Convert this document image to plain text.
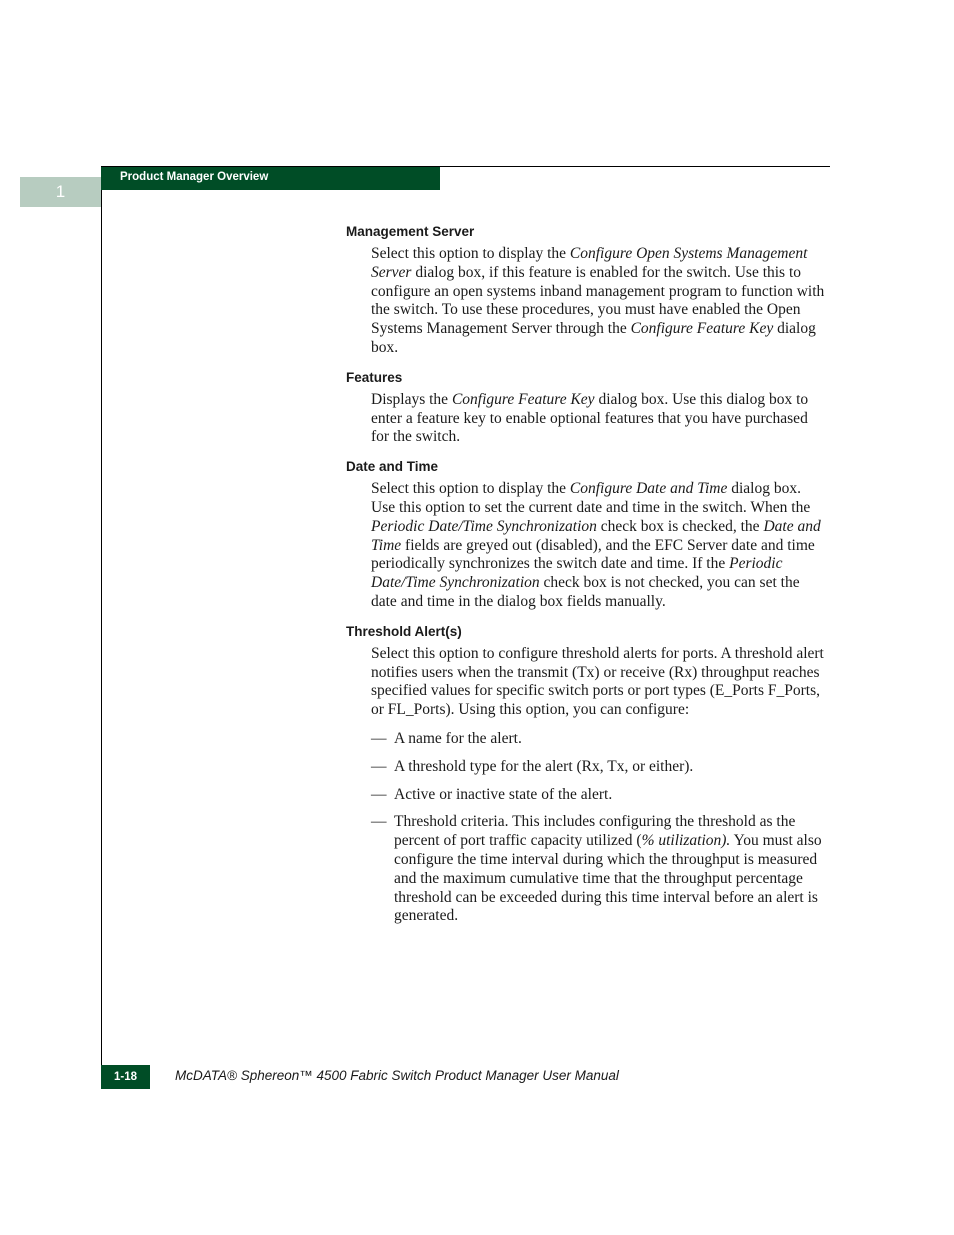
1
Product Manager Overview
Management Server
Select this option to display the Configure Open Systems Management Server dialog box, if this feature is enabled for the switch. Use this to configure an open systems inband management program to function with the switch. To use these procedures, you must have enabled the Open Systems Management Server through the Configure Feature Key dialog box.
Features
Displays the Configure Feature Key dialog box. Use this dialog box to enter a feature key to enable optional features that you have purchased for the switch.
Date and Time
Select this option to display the Configure Date and Time dialog box. Use this option to set the current date and time in the switch. When the Periodic Date/Time Synchronization check box is checked, the Date and Time fields are greyed out (disabled), and the EFC Server date and time periodically synchronizes the switch date and time. If the Periodic Date/Time Synchronization check box is not checked, you can set the date and time in the dialog box fields manually.
Threshold Alert(s)
Select this option to configure threshold alerts for ports. A threshold alert notifies users when the transmit (Tx) or receive (Rx) throughput reaches specified values for specific switch ports or port types (E_Ports F_Ports, or FL_Ports). Using this option, you can configure:
— A name for the alert.
— A threshold type for the alert (Rx, Tx, or either).
— Active or inactive state of the alert.
— Threshold criteria. This includes configuring the threshold as the percent of port traffic capacity utilized (% utilization). You must also configure the time interval during which the throughput is measured and the maximum cumulative time that the throughput percentage threshold can be exceeded during this time interval before an alert is generated.
1-18	McDATA® Sphereon™ 4500 Fabric Switch Product Manager User Manual
